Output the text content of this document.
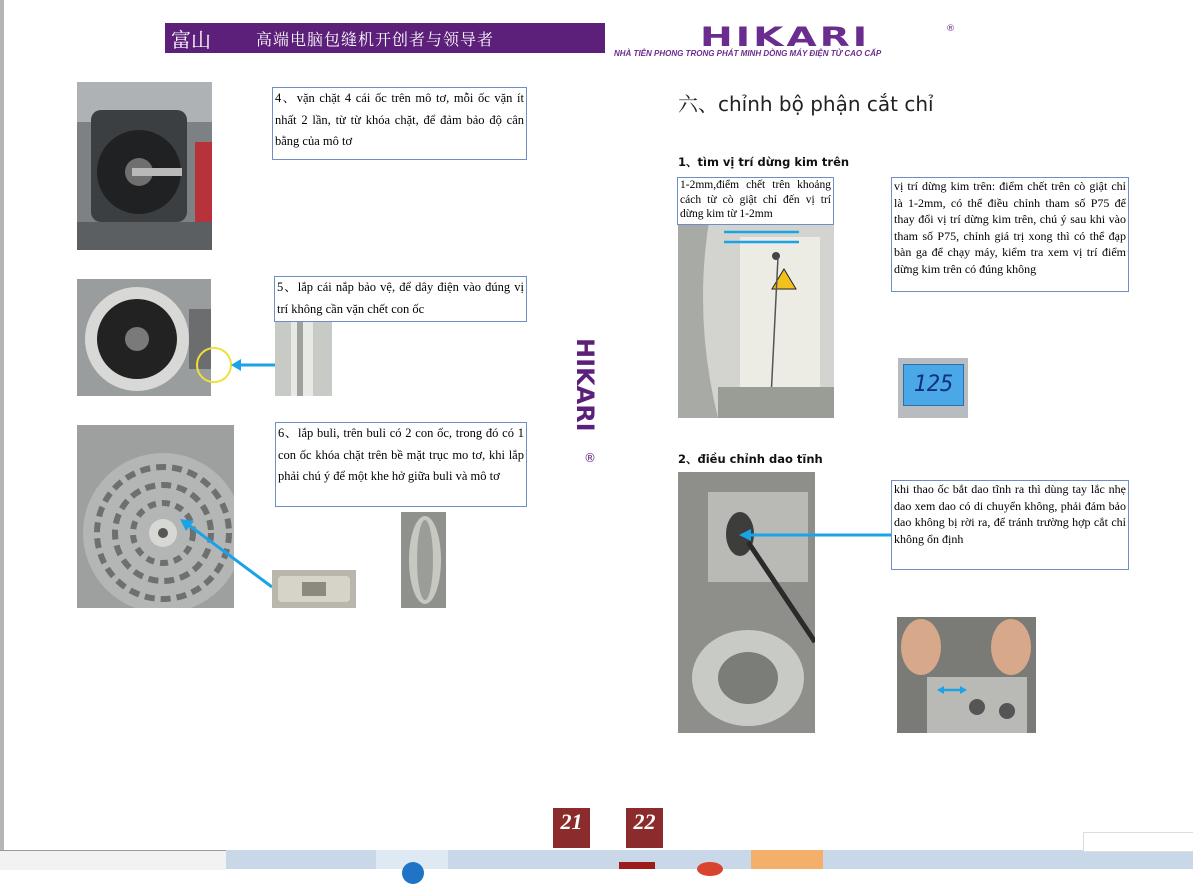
富山	高端电脑包缝机开创者与领导者	HIKARI	®
NHÀ TIÊN PHONG TRONG PHÁT MINH DÒNG MÁY ĐIỆN TỬ CAO CẤP
HIKARI
®
4、vặn chặt 4 cái ốc trên mô tơ, mỗi ốc vặn ít nhất 2 lần, từ từ khóa chặt, để đảm bảo độ cân bằng của mô tơ
5、lắp cái nắp bảo vệ, để dây điện vào đúng vị trí không cần vặn chết con ốc
6、lắp buli, trên buli có 2 con ốc, trong đó có 1 con ốc khóa chặt trên bề mặt trục mo tơ, khi lắp phải chú ý để một khe hở giữa buli và mô tơ
六、chỉnh bộ phận cắt chỉ
1、tìm vị trí dừng kim trên
1-2mm,điểm chết trên khoảng cách từ cò giật chỉ đến vị trí dừng kim từ 1-2mm
vị trí dừng kim trên: điểm chết trên cò giật chỉ là 1-2mm, có thể điều chỉnh tham số P75 để thay đổi vị trí dừng kim trên, chú ý sau khi vào tham số P75, chỉnh giá trị xong thì có thể đạp bàn ga để chạy máy, kiểm tra xem vị trí điểm dừng kim trên có đúng không
125
2、điều chỉnh dao tĩnh
khi thao ốc bắt dao tĩnh ra thì dùng tay lắc nhẹ dao xem dao có di chuyển không, phải đảm bảo dao không bị rời ra, để tránh trường hợp cắt chỉ không ổn định
21	22
